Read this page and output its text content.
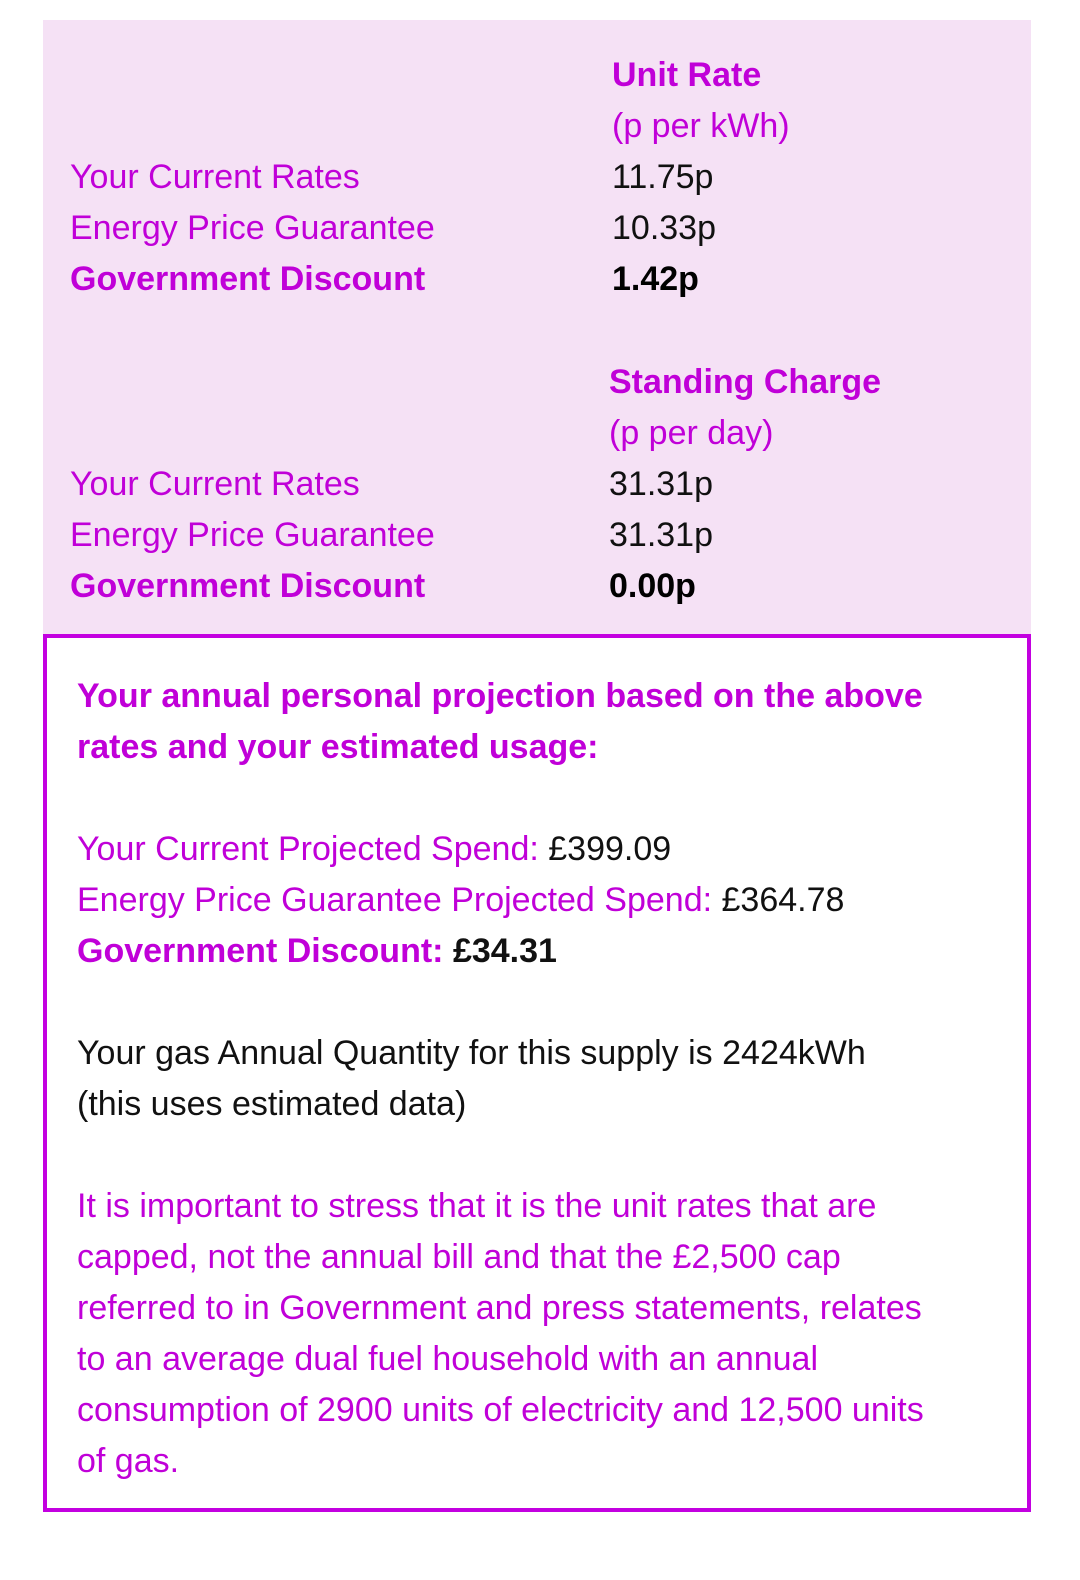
Unit Rate
(p per kWh)
Your Current Rates	11.75p
Energy Price Guarantee	10.33p
Government Discount	1.42p
Standing Charge
(p per day)
Your Current Rates	31.31p
Energy Price Guarantee	31.31p
Government Discount	0.00p
Your annual personal projection based on the above
rates and your estimated usage:
Your Current Projected Spend: £399.09
Energy Price Guarantee Projected Spend: £364.78
Government Discount: £34.31
Your gas Annual Quantity for this supply is 2424kWh
(this uses estimated data)
It is important to stress that it is the unit rates that are
capped, not the annual bill and that the £2,500 cap
referred to in Government and press statements, relates
to an average dual fuel household with an annual
consumption of 2900 units of electricity and 12,500 units
of gas.
